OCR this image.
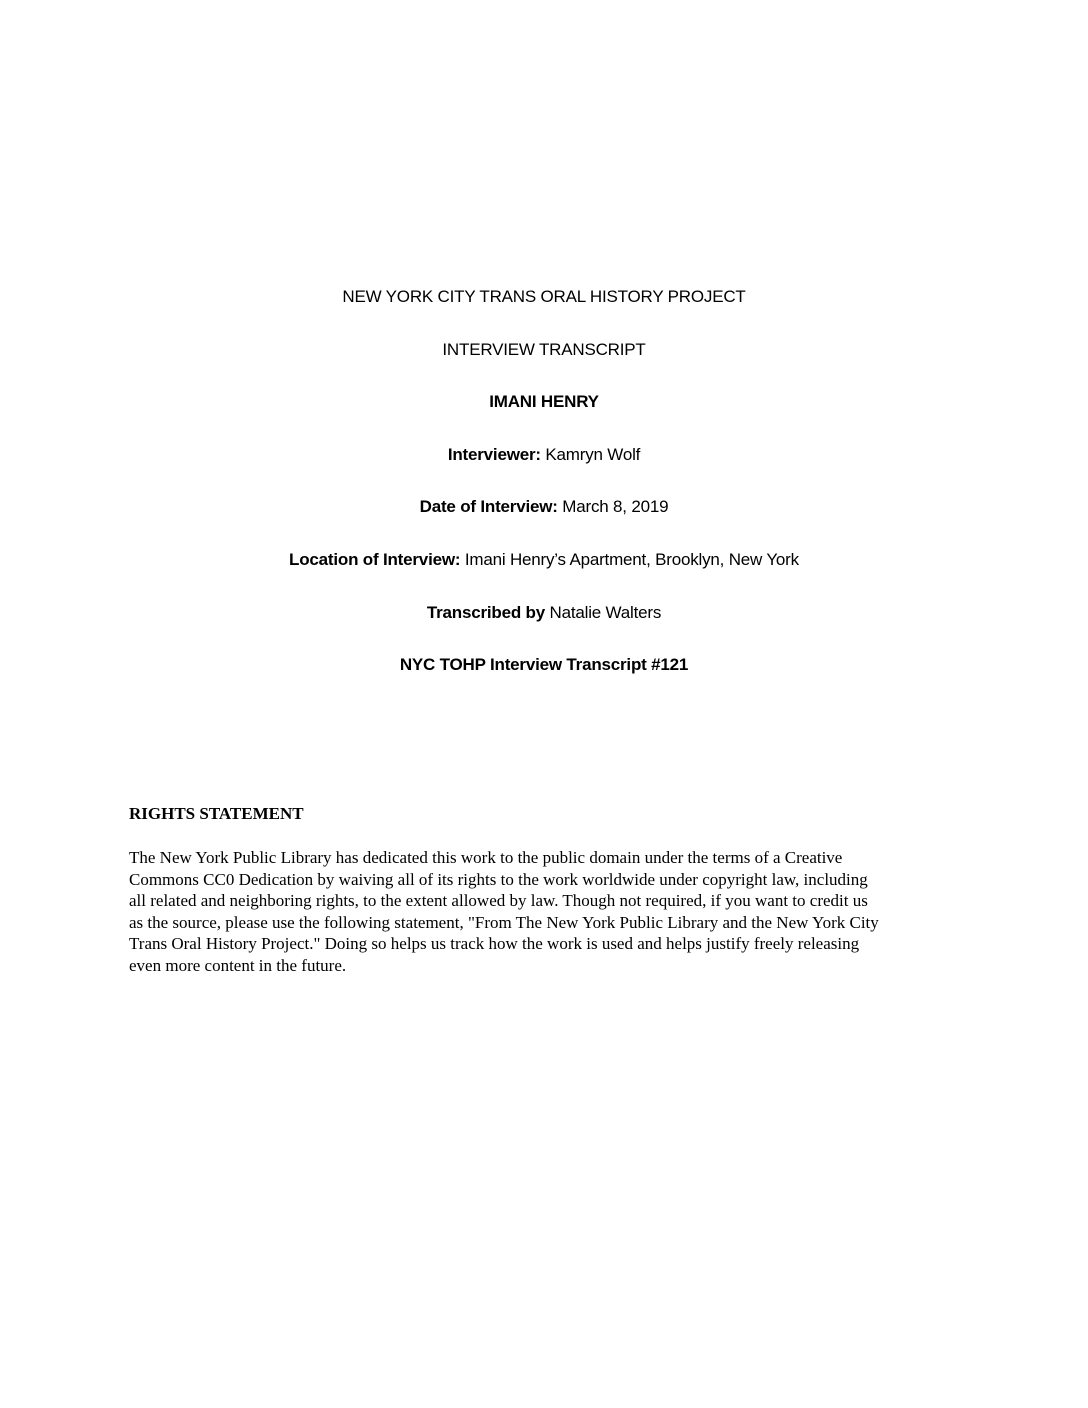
NEW YORK CITY TRANS ORAL HISTORY PROJECT
INTERVIEW TRANSCRIPT
IMANI HENRY
Interviewer: Kamryn Wolf
Date of Interview: March 8, 2019
Location of Interview: Imani Henry’s Apartment, Brooklyn, New York
Transcribed by Natalie Walters
NYC TOHP Interview Transcript #121
RIGHTS STATEMENT
The New York Public Library has dedicated this work to the public domain under the terms of a Creative
Commons CC0 Dedication by waiving all of its rights to the work worldwide under copyright law, including
all related and neighboring rights, to the extent allowed by law. Though not required, if you want to credit us
as the source, please use the following statement, "From The New York Public Library and the New York City
Trans Oral History Project." Doing so helps us track how the work is used and helps justify freely releasing
even more content in the future.
